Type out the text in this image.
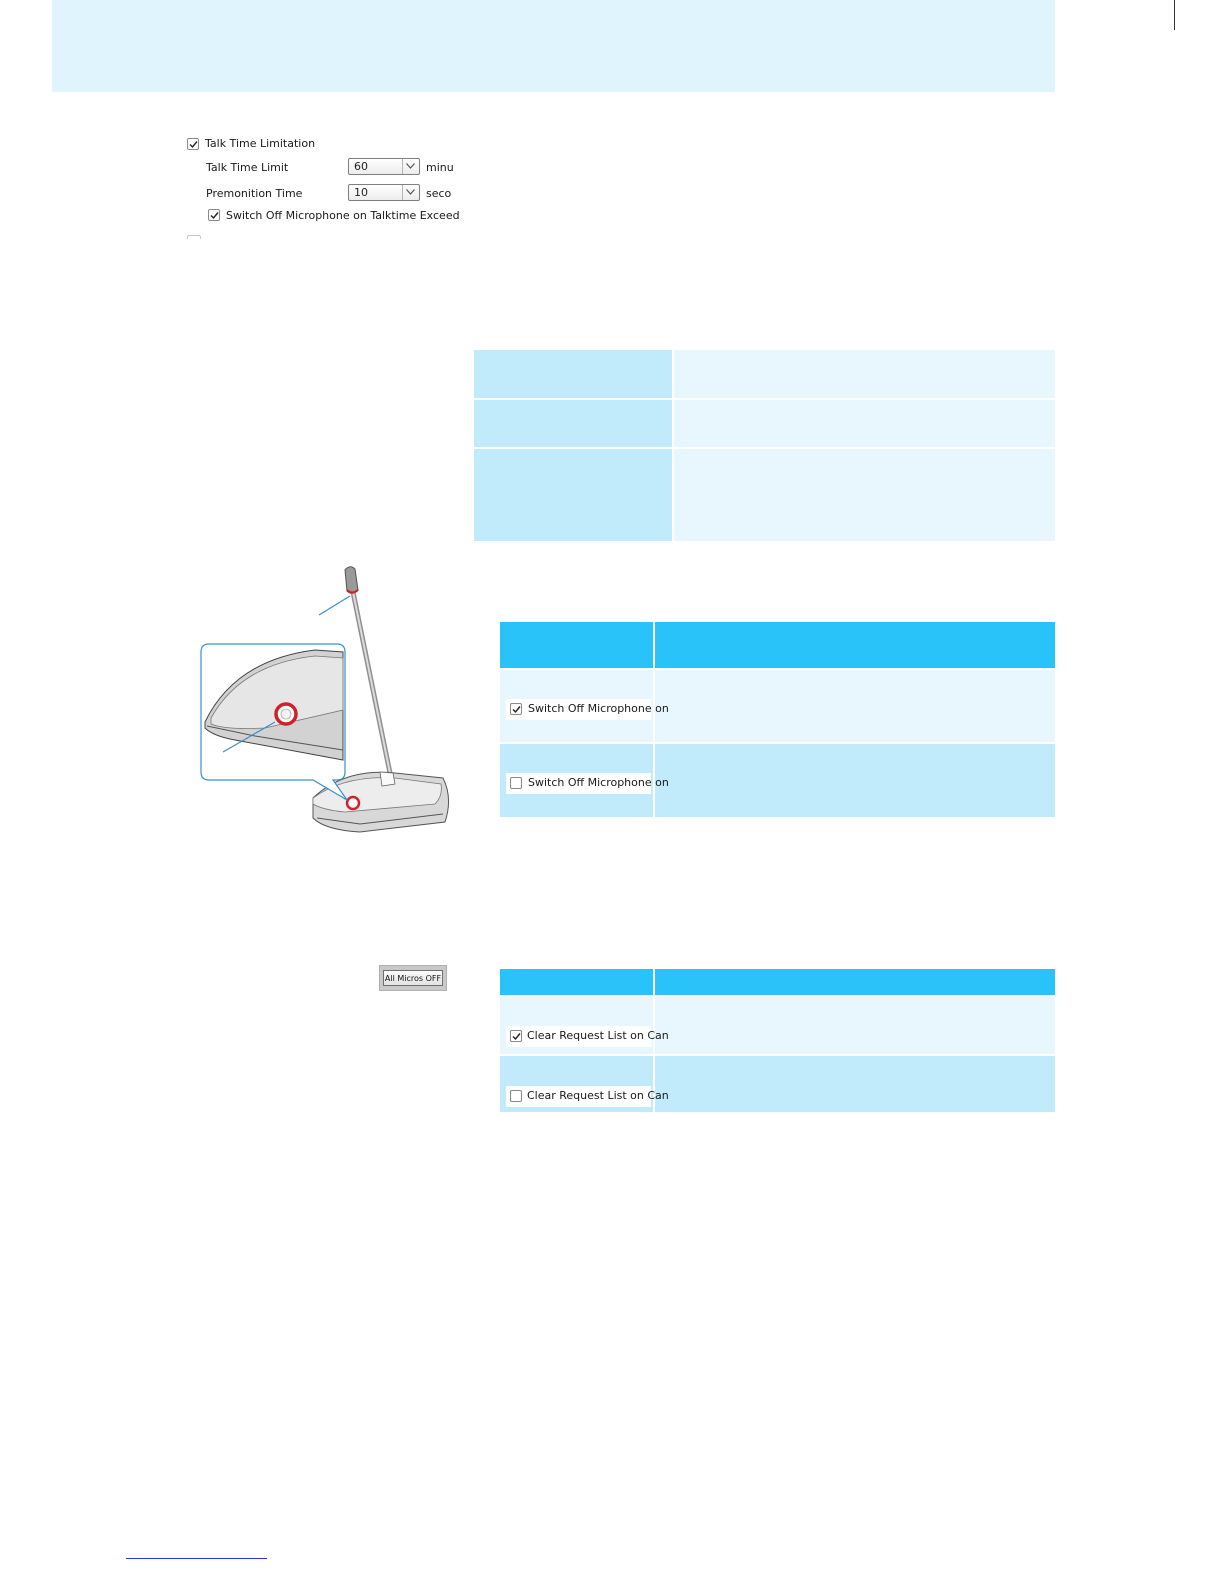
Talk Time Limitation
Talk Time Limit	60	minu
Premonition Time	10	seco
Switch Off Microphone on Talktime Exceed
Switch Off Microphone on
Switch Off Microphone on
All Micros OFF
Clear Request List on Can
Clear Request List on Can
